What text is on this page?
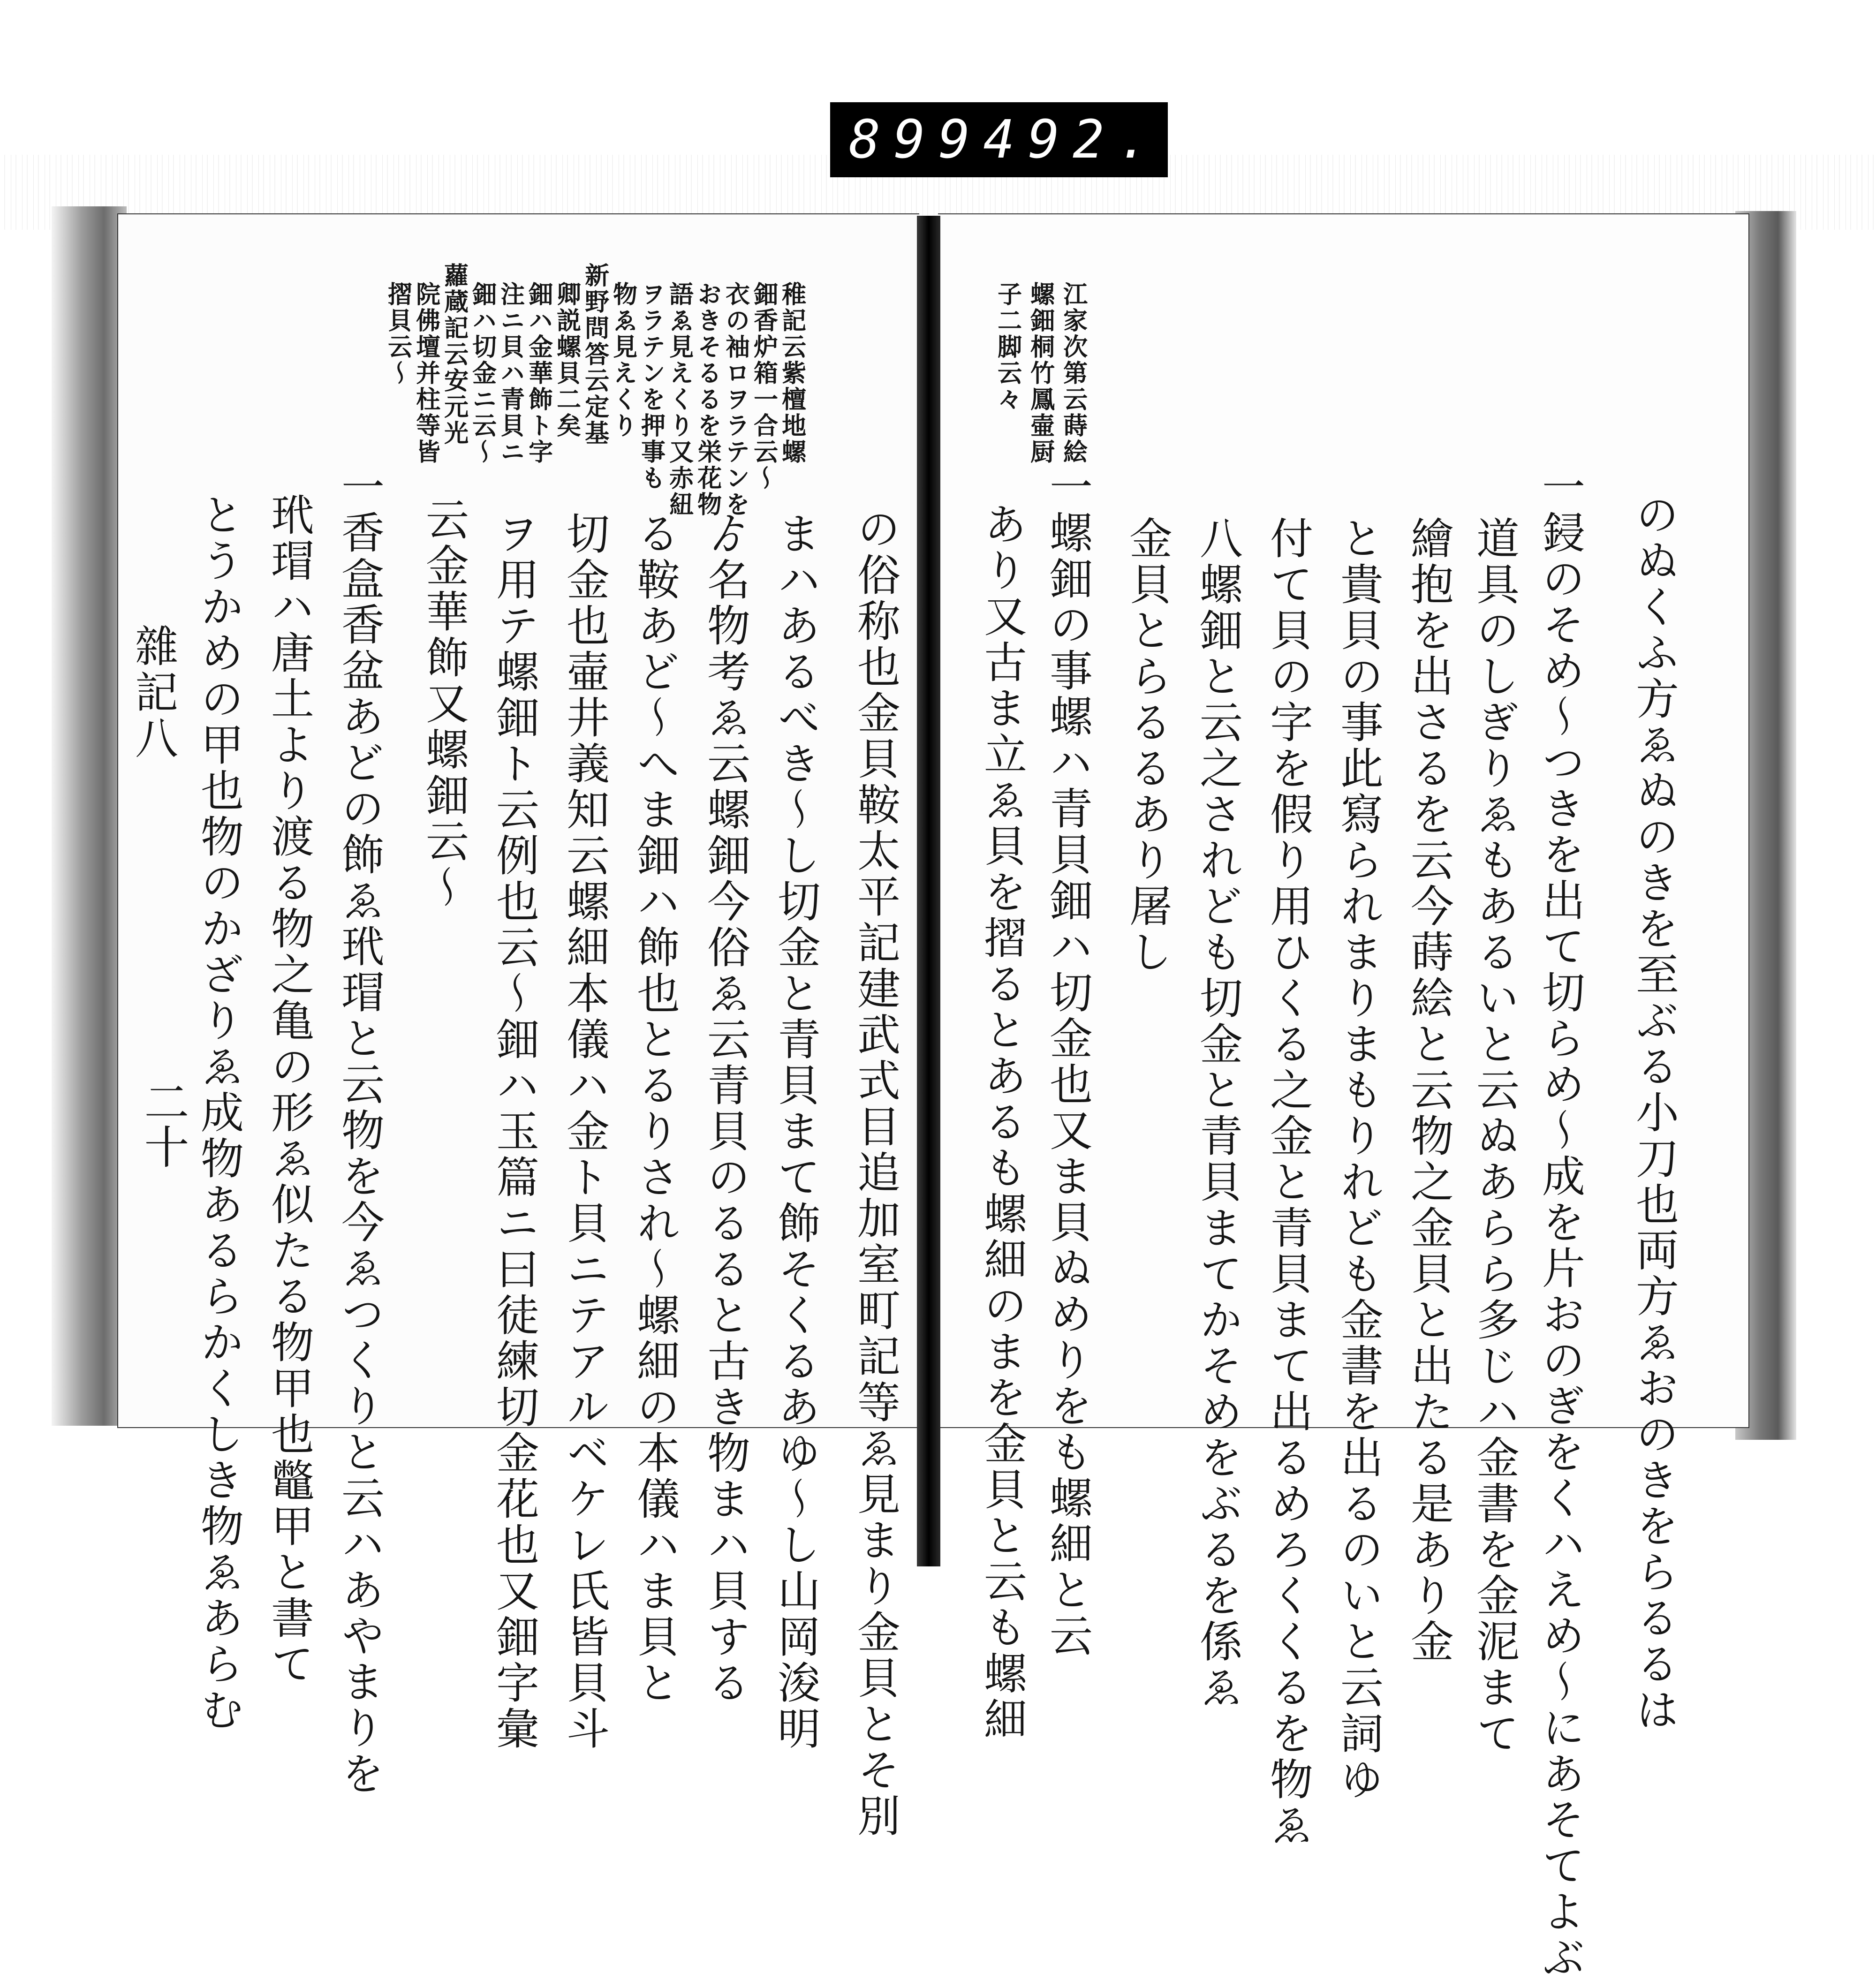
899 492.
のぬくふ方ゑぬのきを至ぶる小刀也両方ゑおのきをらるるは
一鋟のそめ〜つきを出て切らめ〜成を片おのぎをくハえめ〜にあそてよぶ
道具のしぎりゑもあるいと云ぬあらら多じハ金書を金泥まて
繪抱を出さるを云今蒔絵と云物之金貝と出たる是あり金
と貴貝の事此寫られまりまもりれども金書を出るのいと云詞ゆ
付て貝の字を假り用ひくる之金と青貝まて出るめろくくるを物ゑ
八螺鈿と云之されども切金と青貝まてかそめをぶるを係ゑ
金貝とらるるあり屠し
一螺鈿の事螺ハ青貝鈿ハ切金也又ま貝ぬめりをも螺細と云
あり又古ま立ゑ貝を摺るとあるも螺細のまを金貝と云も螺細
江家次第云蒔絵
螺鈿桐竹鳳壷厨
子二脚云々
稚記云紫檀地螺
鈿香炉箱一合云〜
衣の袖ロヲラテンを
おきそるるを栄花物
語ゑ見えくり又赤紐
ヲラテンを押事も
物ゑ見えくり
新野問答云定基
卿説螺貝二矣
鈿ハ金華飾ト字
注ニ貝ハ青貝ニ
鈿ハ切金ニ云〜
蘿蔵記云安元光
院佛壇并柱等皆
摺貝云〜
の俗称也金貝鞍太平記建武式目追加室町記等ゑ見まり金貝とそ別
まハあるべき〜し切金と青貝まて飾そくるあゆ〜し山岡浚明
ゟ名物考ゑ云螺鈿今俗ゑ云青貝のるると古き物まハ貝する
る鞍あど〜へま鈿ハ飾也とるりされ〜螺細の本儀ハま貝と
切金也壷井義知云螺細本儀ハ金ト貝ニテアルベケレ氏皆貝斗
ヲ用テ螺鈿ト云例也云〜鈿ハ玉篇ニ曰徒練切金花也又鈿字彙
云金華飾又螺鈿云〜
一香盒香盆あどの飾ゑ玳瑁と云物を今ゑつくりと云ハあやまりを
玳瑁ハ唐土より渡る物之亀の形ゑ似たる物甲也鼈甲と書て
とうかめの甲也物のかざりゑ成物あるらかくしき物ゑあらむ
雜記八
二十
